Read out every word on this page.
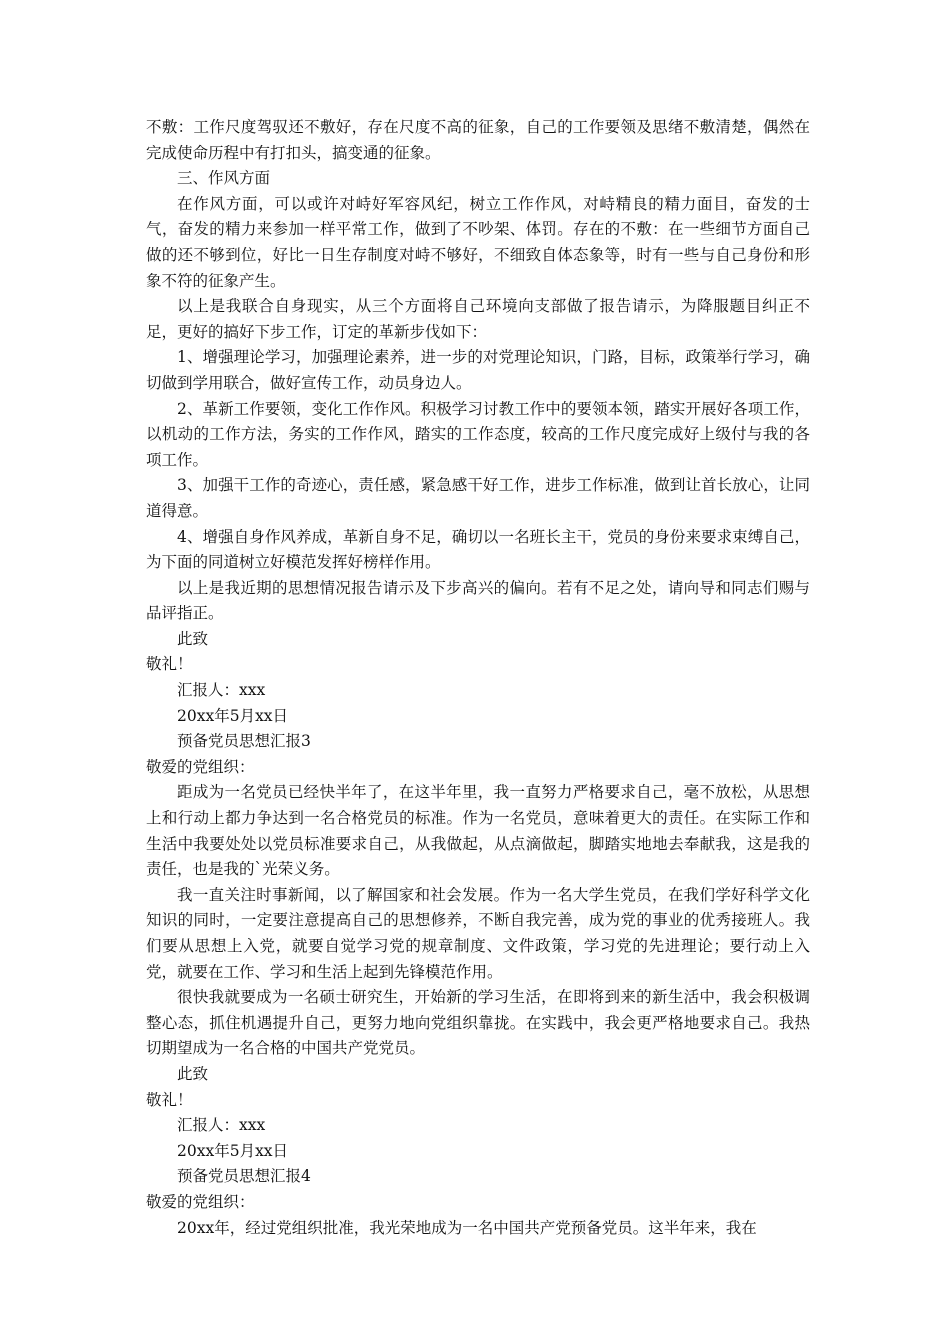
不敷：工作尺度驾驭还不敷好，存在尺度不高的征象，自己的工作要领及思绪不敷清楚，偶然在完成使命历程中有打扣头，搞变通的征象。

三、作风方面

在作风方面，可以或许对峙好军容风纪，树立工作作风，对峙精良的精力面目，奋发的士气，奋发的精力来参加一样平常工作，做到了不吵架、体罚。存在的不敷：在一些细节方面自己做的还不够到位，好比一日生存制度对峙不够好，不细致自体态象等，时有一些与自己身份和形象不符的征象产生。

以上是我联合自身现实，从三个方面将自己环境向支部做了报告请示，为降服题目纠正不足，更好的搞好下步工作，订定的革新步伐如下：

1、增强理论学习，加强理论素养，进一步的对党理论知识，门路，目标，政策举行学习，确切做到学用联合，做好宣传工作，动员身边人。

2、革新工作要领，变化工作作风。积极学习讨教工作中的要领本领，踏实开展好各项工作，以机动的工作方法，务实的工作作风，踏实的工作态度，较高的工作尺度完成好上级付与我的各项工作。

3、加强干工作的奇迹心，责任感，紧急感干好工作，进步工作标准，做到让首长放心，让同道得意。

4、增强自身作风养成，革新自身不足，确切以一名班长主干，党员的身份来要求束缚自己，为下面的同道树立好模范发挥好榜样作用。

以上是我近期的思想情况报告请示及下步高兴的偏向。若有不足之处，请向导和同志们赐与品评指正。

此致

敬礼！

汇报人：xxx

20xx年5月xx日

预备党员思想汇报3

敬爱的党组织：

距成为一名党员已经快半年了，在这半年里，我一直努力严格要求自己，毫不放松，从思想上和行动上都力争达到一名合格党员的标准。作为一名党员，意味着更大的责任。在实际工作和生活中我要处处以党员标准要求自己，从我做起，从点滴做起，脚踏实地地去奉献我，这是我的责任，也是我的`光荣义务。

我一直关注时事新闻，以了解国家和社会发展。作为一名大学生党员，在我们学好科学文化知识的同时，一定要注意提高自己的思想修养，不断自我完善，成为党的事业的优秀接班人。我们要从思想上入党，就要自觉学习党的规章制度、文件政策，学习党的先进理论；要行动上入党，就要在工作、学习和生活上起到先锋模范作用。

很快我就要成为一名硕士研究生，开始新的学习生活，在即将到来的新生活中，我会积极调整心态，抓住机遇提升自己，更努力地向党组织靠拢。在实践中，我会更严格地要求自己。我热切期望成为一名合格的中国共产党党员。

此致

敬礼！

汇报人：xxx

20xx年5月xx日

预备党员思想汇报4

敬爱的党组织：

20xx年，经过党组织批准，我光荣地成为一名中国共产党预备党员。这半年来，我在
